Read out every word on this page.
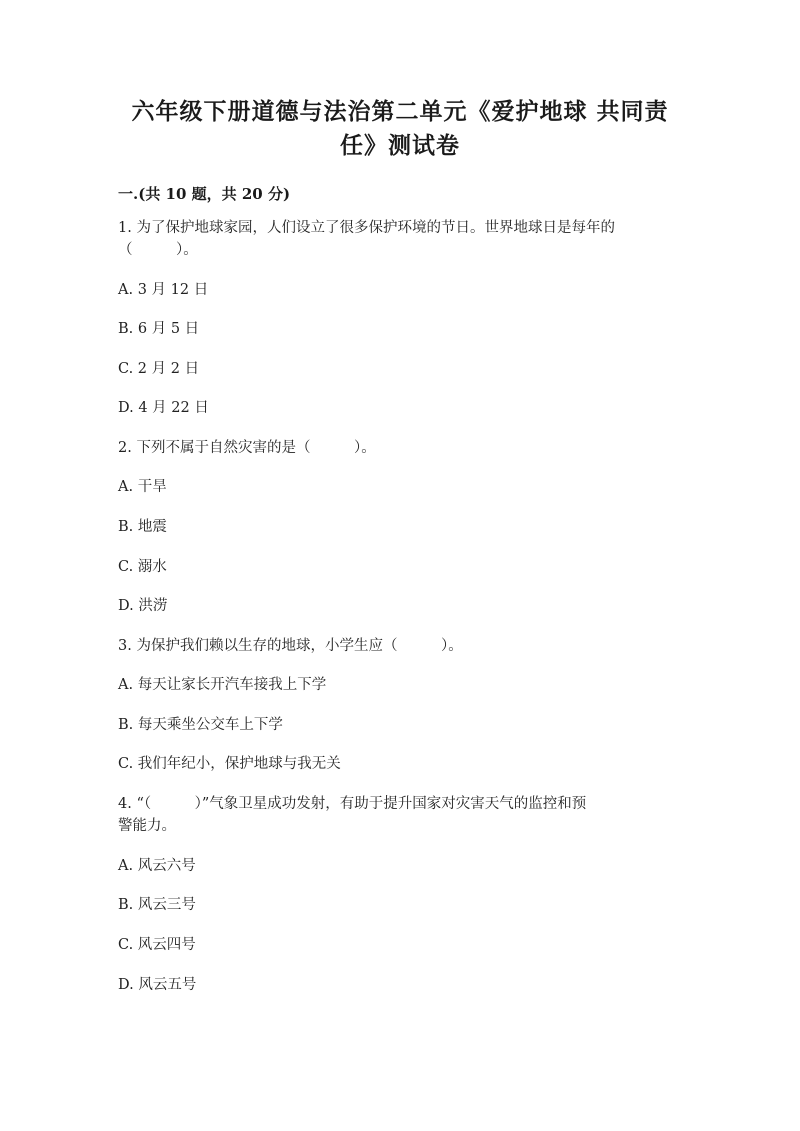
六年级下册道德与法治第二单元《爱护地球 共同责
任》测试卷
一.(共 10 题，共 20 分)
1. 为了保护地球家园，人们设立了很多保护环境的节日。世界地球日是每年的
（　　　）。
A. 3 月 12 日
B. 6 月 5 日
C. 2 月 2 日
D. 4 月 22 日
2. 下列不属于自然灾害的是（　　　）。
A. 干旱
B. 地震
C. 溺水
D. 洪涝
3. 为保护我们赖以生存的地球，小学生应（　　　）。
A. 每天让家长开汽车接我上下学
B. 每天乘坐公交车上下学
C. 我们年纪小，保护地球与我无关
4. “（　　　）”气象卫星成功发射，有助于提升国家对灾害天气的监控和预
警能力。
A. 风云六号
B. 风云三号
C. 风云四号
D. 风云五号
